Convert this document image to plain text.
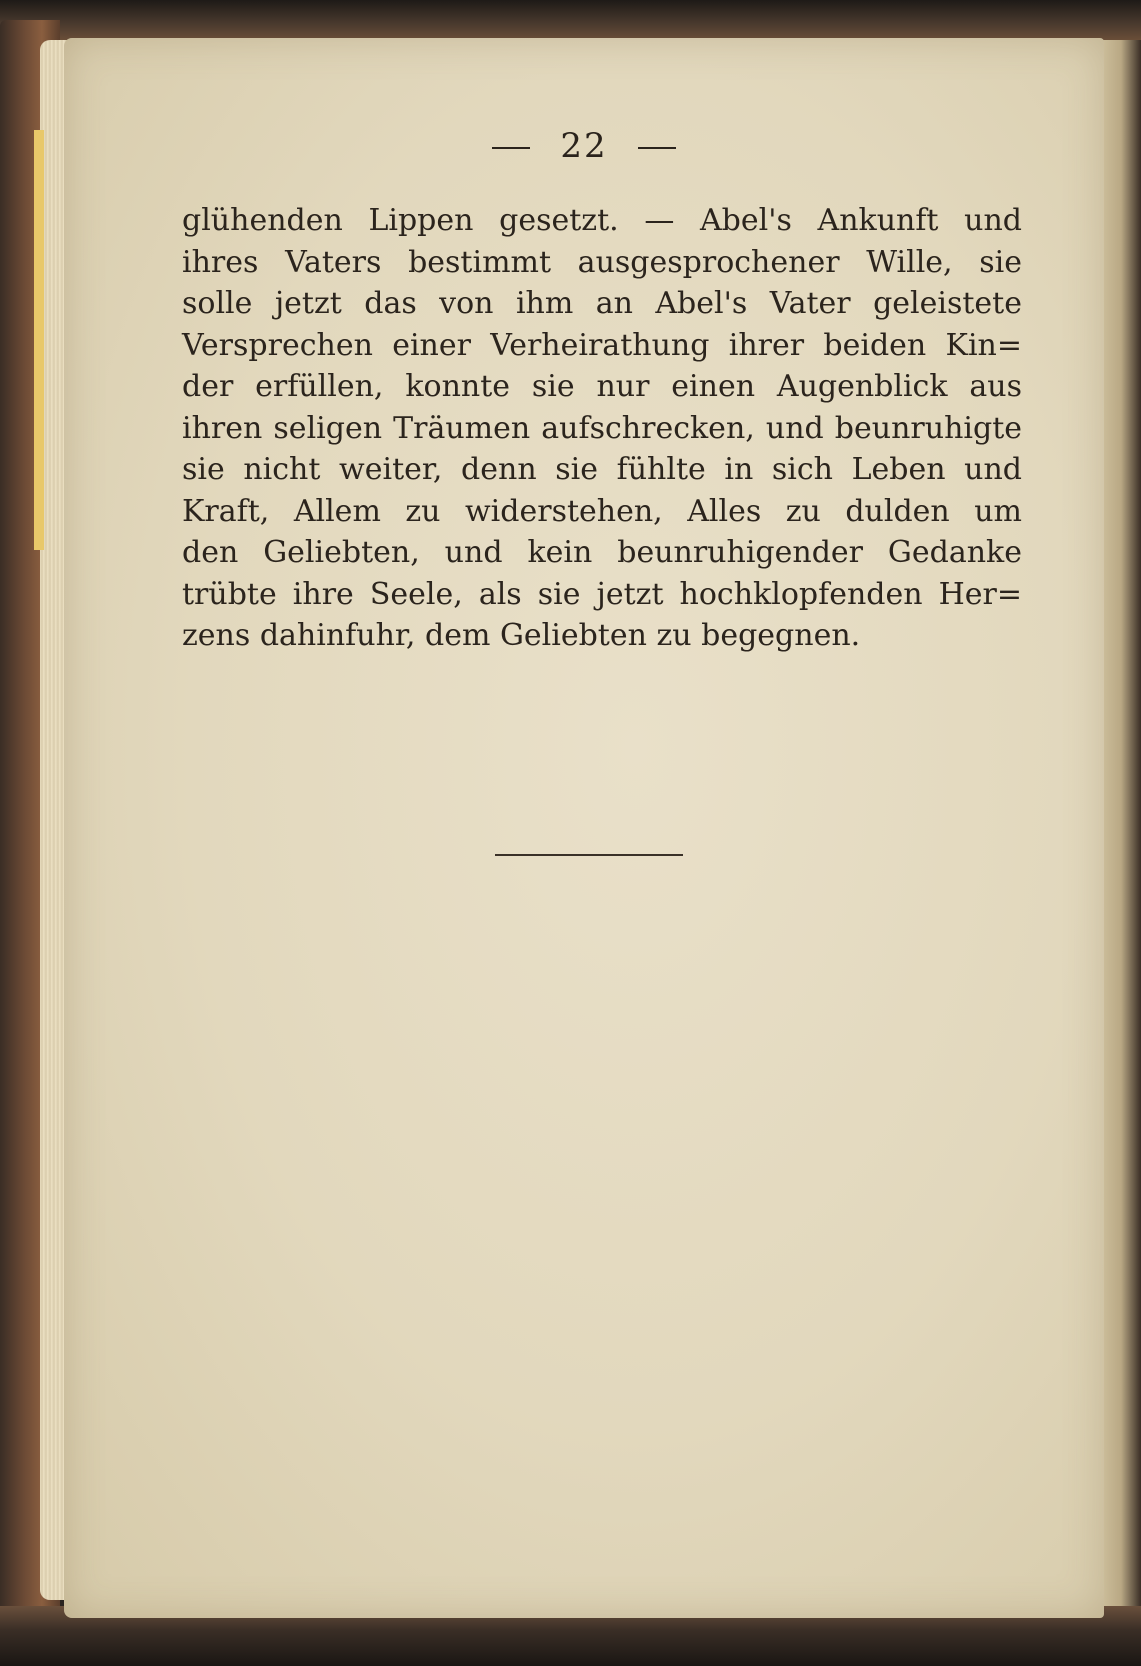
22
glühenden Lippen gesetzt. — Abel's Ankunft und
ihres Vaters bestimmt ausgesprochener Wille, sie
solle jetzt das von ihm an Abel's Vater geleistete
Versprechen einer Verheirathung ihrer beiden Kin=
der erfüllen, konnte sie nur einen Augenblick aus
ihren seligen Träumen aufschrecken, und beunruhigte
sie nicht weiter, denn sie fühlte in sich Leben und
Kraft, Allem zu widerstehen, Alles zu dulden um
den Geliebten, und kein beunruhigender Gedanke
trübte ihre Seele, als sie jetzt hochklopfenden Her=
zens dahinfuhr, dem Geliebten zu begegnen.
